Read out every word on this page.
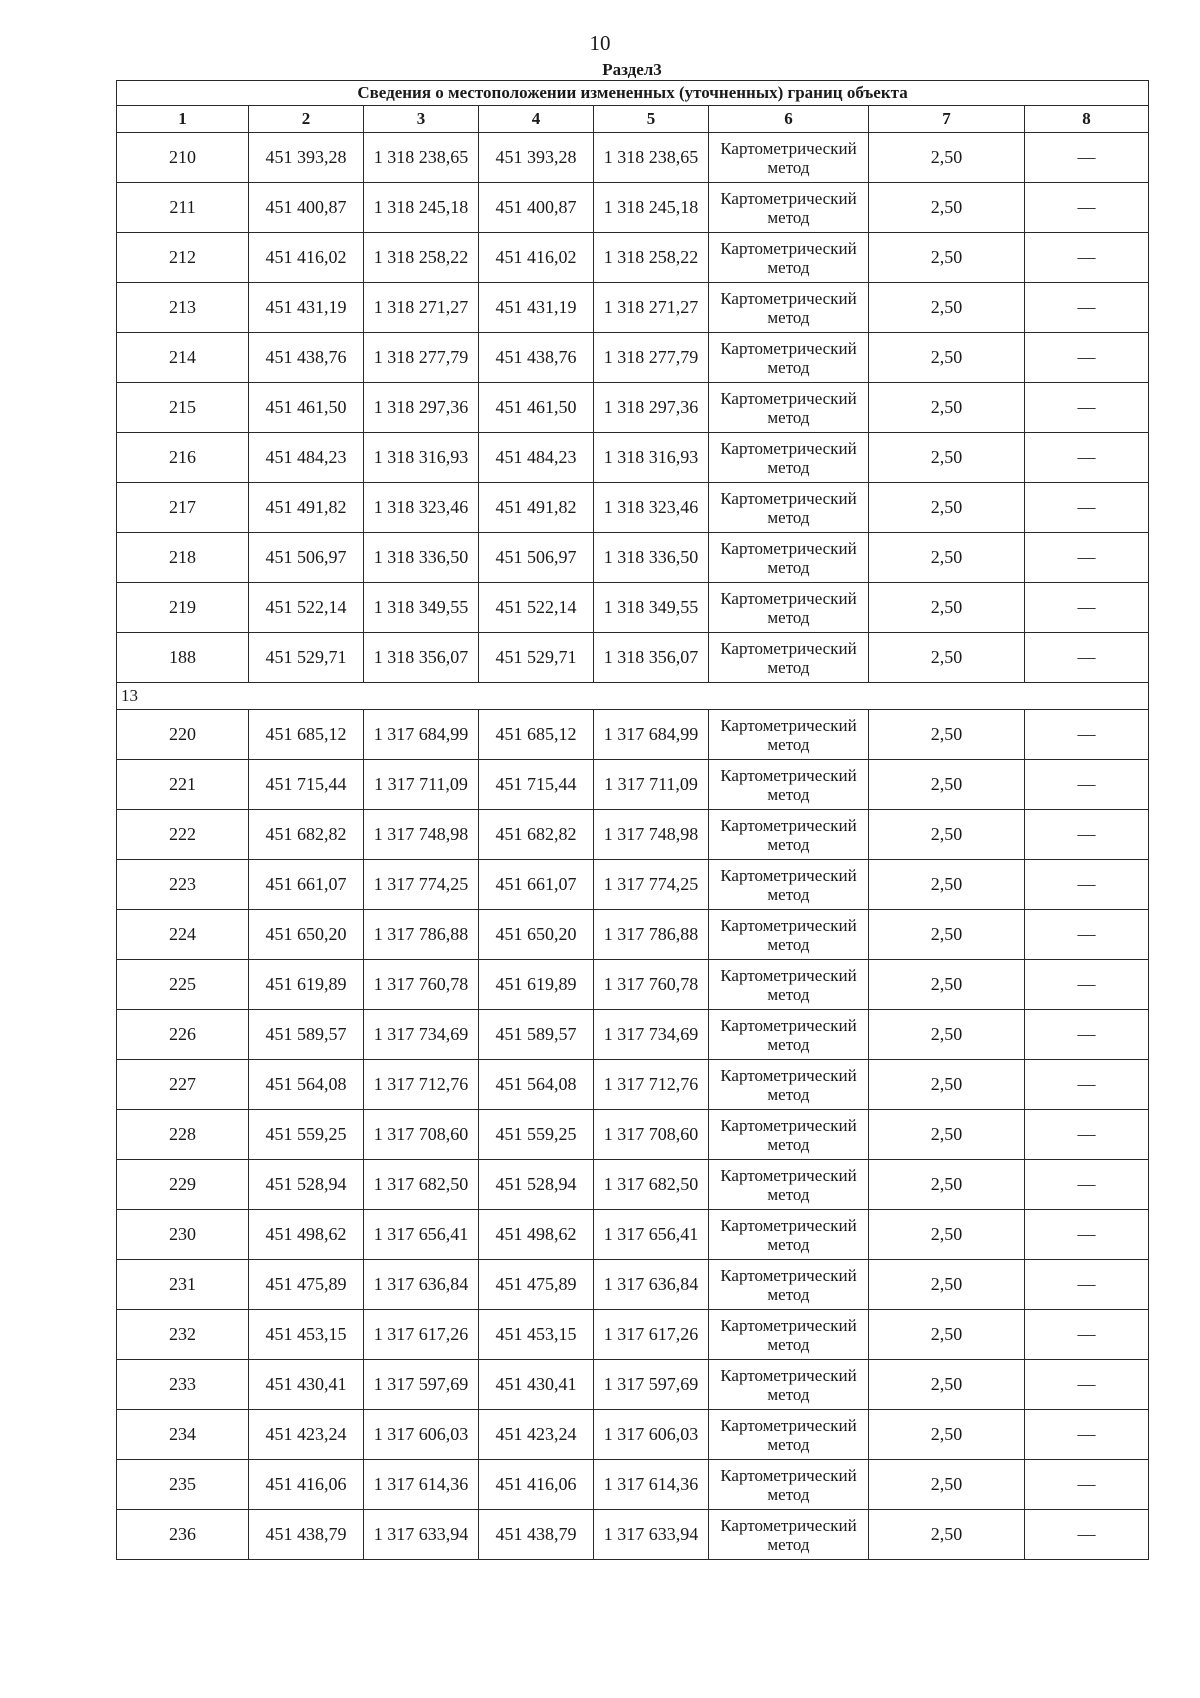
10
Раздел3
Сведения о местоположении измененных (уточненных) границ объекта							
1	2	3	4	5	6	7	8
210	451 393,28	1 318 238,65	451 393,28	1 318 238,65	Картометрический метод	2,50	—
211	451 400,87	1 318 245,18	451 400,87	1 318 245,18	Картометрический метод	2,50	—
212	451 416,02	1 318 258,22	451 416,02	1 318 258,22	Картометрический метод	2,50	—
213	451 431,19	1 318 271,27	451 431,19	1 318 271,27	Картометрический метод	2,50	—
214	451 438,76	1 318 277,79	451 438,76	1 318 277,79	Картометрический метод	2,50	—
215	451 461,50	1 318 297,36	451 461,50	1 318 297,36	Картометрический метод	2,50	—
216	451 484,23	1 318 316,93	451 484,23	1 318 316,93	Картометрический метод	2,50	—
217	451 491,82	1 318 323,46	451 491,82	1 318 323,46	Картометрический метод	2,50	—
218	451 506,97	1 318 336,50	451 506,97	1 318 336,50	Картометрический метод	2,50	—
219	451 522,14	1 318 349,55	451 522,14	1 318 349,55	Картометрический метод	2,50	—
188	451 529,71	1 318 356,07	451 529,71	1 318 356,07	Картометрический метод	2,50	—
13							
220	451 685,12	1 317 684,99	451 685,12	1 317 684,99	Картометрический метод	2,50	—
221	451 715,44	1 317 711,09	451 715,44	1 317 711,09	Картометрический метод	2,50	—
222	451 682,82	1 317 748,98	451 682,82	1 317 748,98	Картометрический метод	2,50	—
223	451 661,07	1 317 774,25	451 661,07	1 317 774,25	Картометрический метод	2,50	—
224	451 650,20	1 317 786,88	451 650,20	1 317 786,88	Картометрический метод	2,50	—
225	451 619,89	1 317 760,78	451 619,89	1 317 760,78	Картометрический метод	2,50	—
226	451 589,57	1 317 734,69	451 589,57	1 317 734,69	Картометрический метод	2,50	—
227	451 564,08	1 317 712,76	451 564,08	1 317 712,76	Картометрический метод	2,50	—
228	451 559,25	1 317 708,60	451 559,25	1 317 708,60	Картометрический метод	2,50	—
229	451 528,94	1 317 682,50	451 528,94	1 317 682,50	Картометрический метод	2,50	—
230	451 498,62	1 317 656,41	451 498,62	1 317 656,41	Картометрический метод	2,50	—
231	451 475,89	1 317 636,84	451 475,89	1 317 636,84	Картометрический метод	2,50	—
232	451 453,15	1 317 617,26	451 453,15	1 317 617,26	Картометрический метод	2,50	—
233	451 430,41	1 317 597,69	451 430,41	1 317 597,69	Картометрический метод	2,50	—
234	451 423,24	1 317 606,03	451 423,24	1 317 606,03	Картометрический метод	2,50	—
235	451 416,06	1 317 614,36	451 416,06	1 317 614,36	Картометрический метод	2,50	—
236	451 438,79	1 317 633,94	451 438,79	1 317 633,94	Картометрический метод	2,50	—
